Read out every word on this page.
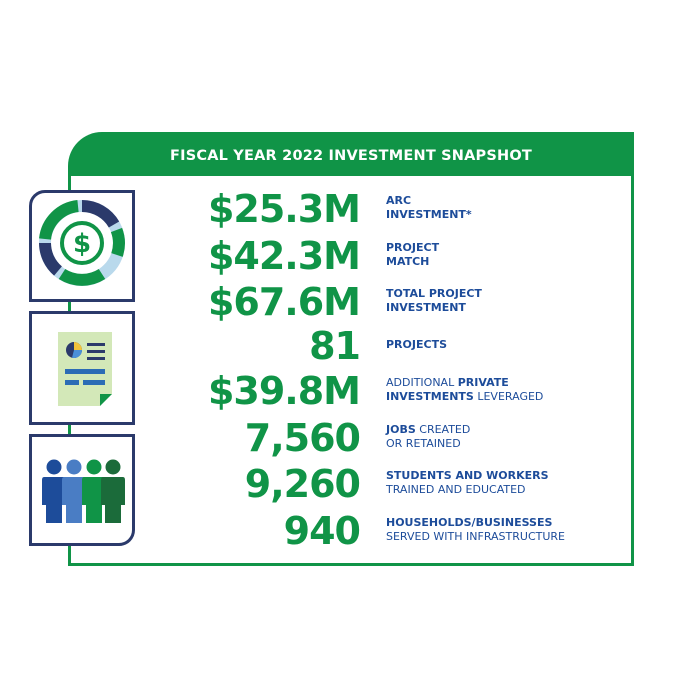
FISCAL YEAR 2022 INVESTMENT SNAPSHOT
$
$25.3M ARC
INVESTMENT*
$42.3M PROJECT
MATCH
$67.6M TOTAL PROJECT
INVESTMENT
81 PROJECTS
$39.8M ADDITIONAL PRIVATE
INVESTMENTS LEVERAGED
7,560 JOBS CREATED
OR RETAINED
9,260 STUDENTS AND WORKERS
TRAINED AND EDUCATED
940 HOUSEHOLDS/BUSINESSES
SERVED WITH INFRASTRUCTURE
